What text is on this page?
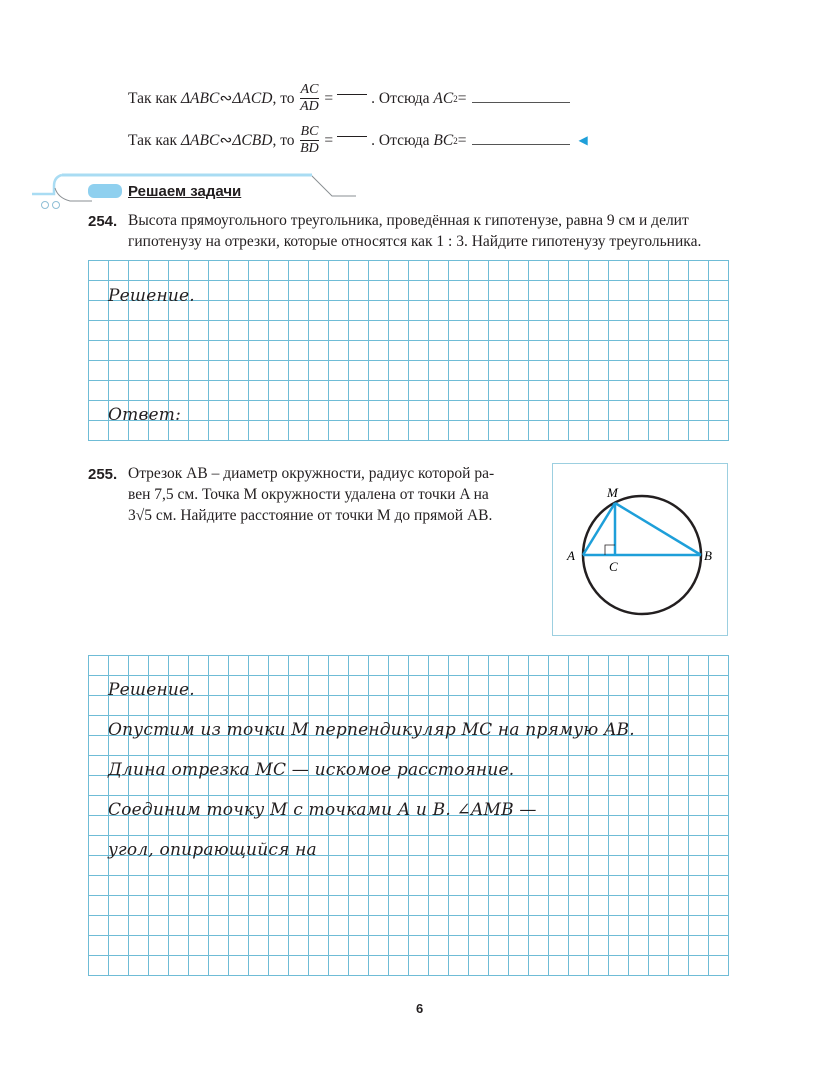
Так как
ΔABC ∾ ΔACD , то $\frac{AC}{AD}$ = . Отсюда
AC 2 =
Так как
ΔABC ∾ ΔCBD , то $\frac{BC}{BD}$ = . Отсюда
BC 2 =	◀
Решаем задачи
254. Высота прямоугольного треугольника, проведённая к гипотенузе, равна 9 см и делит
гипотенузу на отрезки, которые относятся как 1 : 3. Найдите гипотенузу треугольника.
Решение.
Ответ:
255. Отрезок AB – диаметр окружности, радиус которой ра-
вен 7,5 см. Точка M окружности удалена от точки A на
3√5 см. Найдите расстояние от точки M до прямой AB.
M
A	B
C
Решение.
Опустим из точки M перпендикуляр MC на прямую AB.
Длина отрезка MC — искомое расстояние.
Соединим точку M с точками A и B. ∠AMB —
угол, опирающийся на
6
